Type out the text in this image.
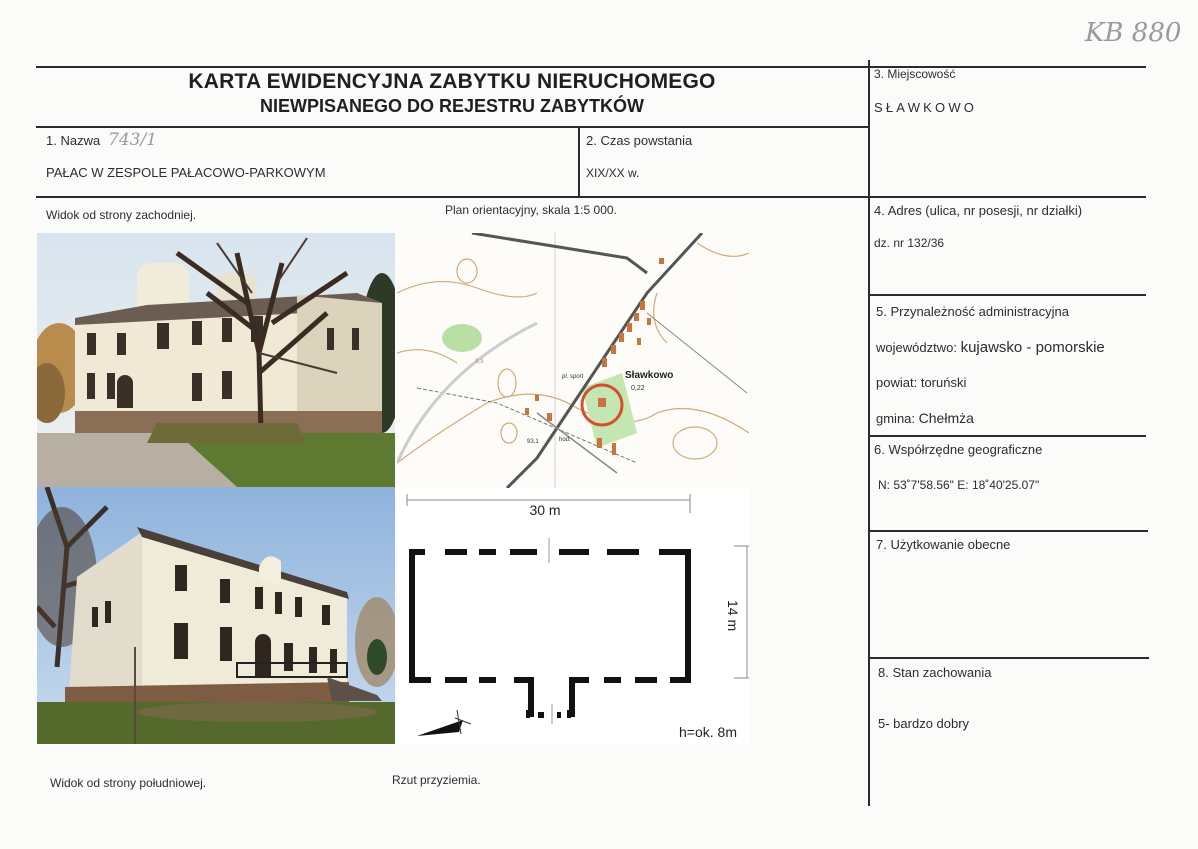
KB 880
KARTA EWIDENCYJNA ZABYTKU NIERUCHOMEGO
NIEWPISANEGO DO REJESTRU ZABYTKÓW
1. Nazwa 743/1
PAŁAC W ZESPOLE PAŁACOWO-PARKOWYM
2. Czas powstania
XIX/XX w.
3. Miejscowość
SŁAWKOWO
4. Adres (ulica, nr posesji, nr działki)
dz. nr 132/36
5. Przynależność administracyjna
województwo: kujawsko - pomorskie
powiat: toruński
gmina: Chełmża
6. Współrzędne geograficzne
N: 53˚7'58.56" E: 18˚40'25.07"
7. Użytkowanie obecne
8. Stan zachowania
5- bardzo dobry
Widok od strony zachodniej.	Plan orientacyjny, skala 1:5 000.
Widok od strony południowej.	Rzut przyziemia.
Sławkowo
0,22
pl. sport
hod.
93,1
3,3
30 m
14 m
h=ok. 8m
